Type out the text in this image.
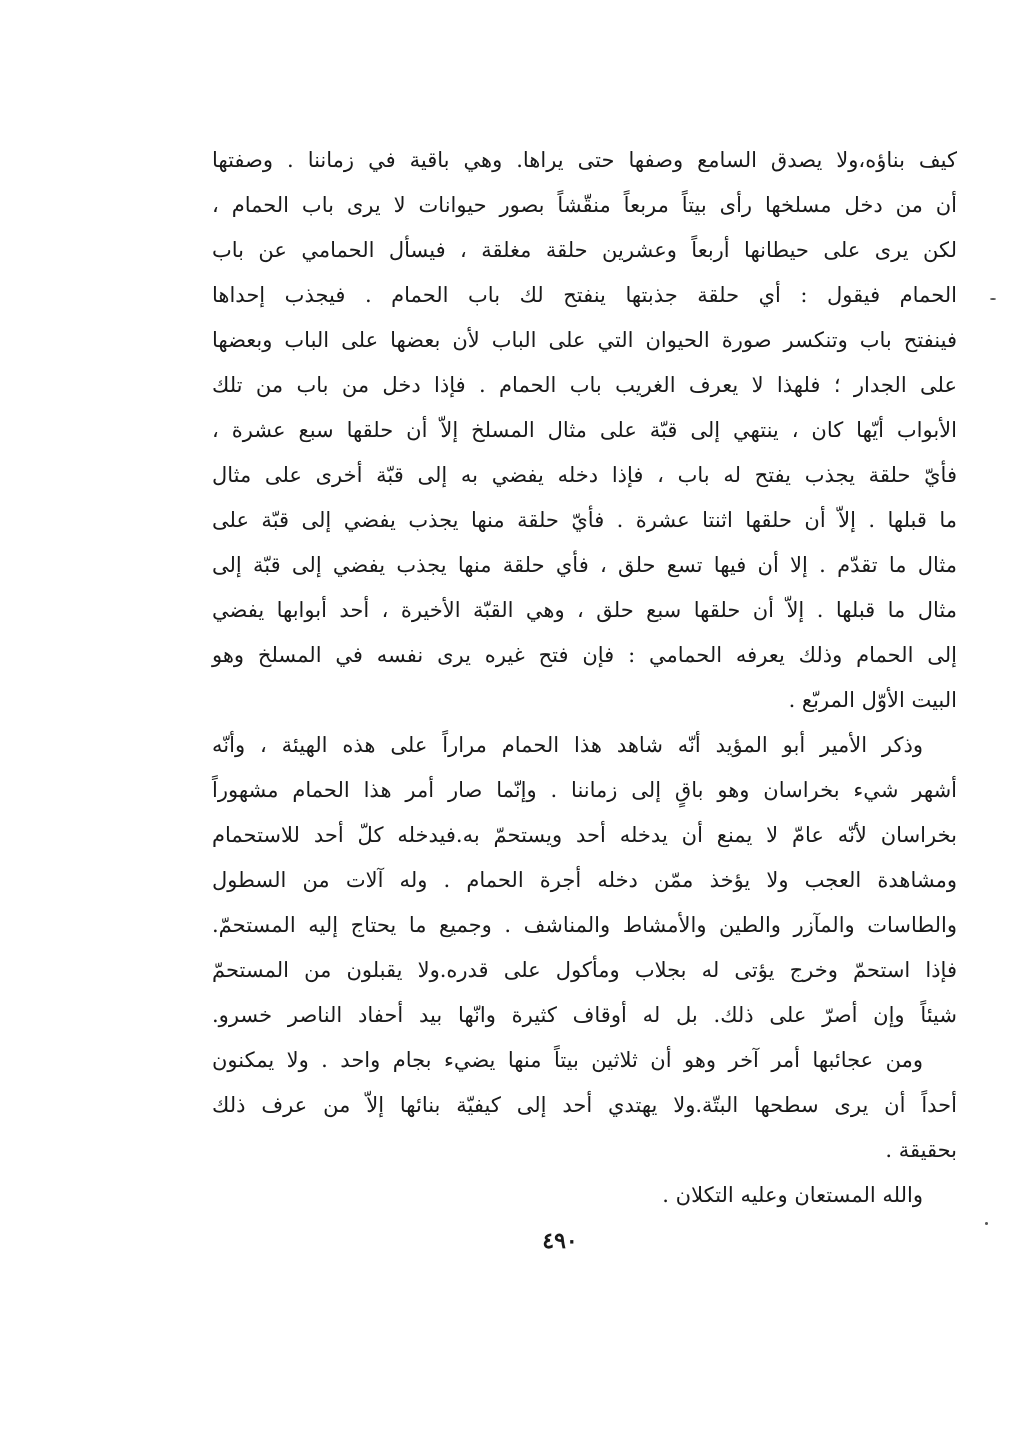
كيف بناؤه،ولا يصدق السامع وصفها حتى يراها. وهي باقية في زماننا . وصفتها
أن من دخل مسلخها رأى بيتاً مربعاً منقّشاً بصور حيوانات لا يرى باب الحمام ،
لكن يرى على حيطانها أربعاً وعشرين حلقة مغلقة ، فيسأل الحمامي عن باب
الحمام فيقول : أي حلقة جذبتها ينفتح لك باب الحمام . فيجذب إحداها
فينفتح باب وتنكسر صورة الحيوان التي على الباب لأن بعضها على الباب وبعضها
على الجدار ؛ فلهذا لا يعرف الغريب باب الحمام . فإذا دخل من باب من تلك
الأبواب أيّها كان ، ينتهي إلى قبّة على مثال المسلخ إلاّ أن حلقها سبع عشرة ،
فأيّ حلقة يجذب يفتح له باب ، فإذا دخله يفضي به إلى قبّة أخرى على مثال
ما قبلها . إلاّ أن حلقها اثنتا عشرة . فأيّ حلقة منها يجذب يفضي إلى قبّة على
مثال ما تقدّم . إلا أن فيها تسع حلق ، فأي حلقة منها يجذب يفضي إلى قبّة إلى
مثال ما قبلها . إلاّ أن حلقها سبع حلق ، وهي القبّة الأخيرة ، أحد أبوابها يفضي
إلى الحمام وذلك يعرفه الحمامي : فإن فتح غيره يرى نفسه في المسلخ وهو
البيت الأوّل المربّع .
وذكر الأمير أبو المؤيد أنّه شاهد هذا الحمام مراراً على هذه الهيئة ، وأنّه
أشهر شيء بخراسان وهو باقٍ إلى زماننا . وإنّما صار أمر هذا الحمام مشهوراً
بخراسان لأنّه عامّ لا يمنع أن يدخله أحد ويستحمّ به.فيدخله كلّ أحد للاستحمام
ومشاهدة العجب ولا يؤخذ ممّن دخله أجرة الحمام . وله آلات من السطول
والطاسات والمآزر والطين والأمشاط والمناشف . وجميع ما يحتاج إليه المستحمّ.
فإذا استحمّ وخرج يؤتى له بجلاب ومأكول على قدره.ولا يقبلون من المستحمّ
شيئاً وإن أصرّ على ذلك. بل له أوقاف كثيرة وانّها بيد أحفاد الناصر خسرو.
ومن عجائبها أمر آخر وهو أن ثلاثين بيتاً منها يضيء بجام واحد . ولا يمكنون
أحداً أن يرى سطحها البتّة.ولا يهتدي أحد إلى كيفيّة بنائها إلاّ من عرف ذلك
بحقيقة .
والله المستعان وعليه التكلان .
٤٩٠
